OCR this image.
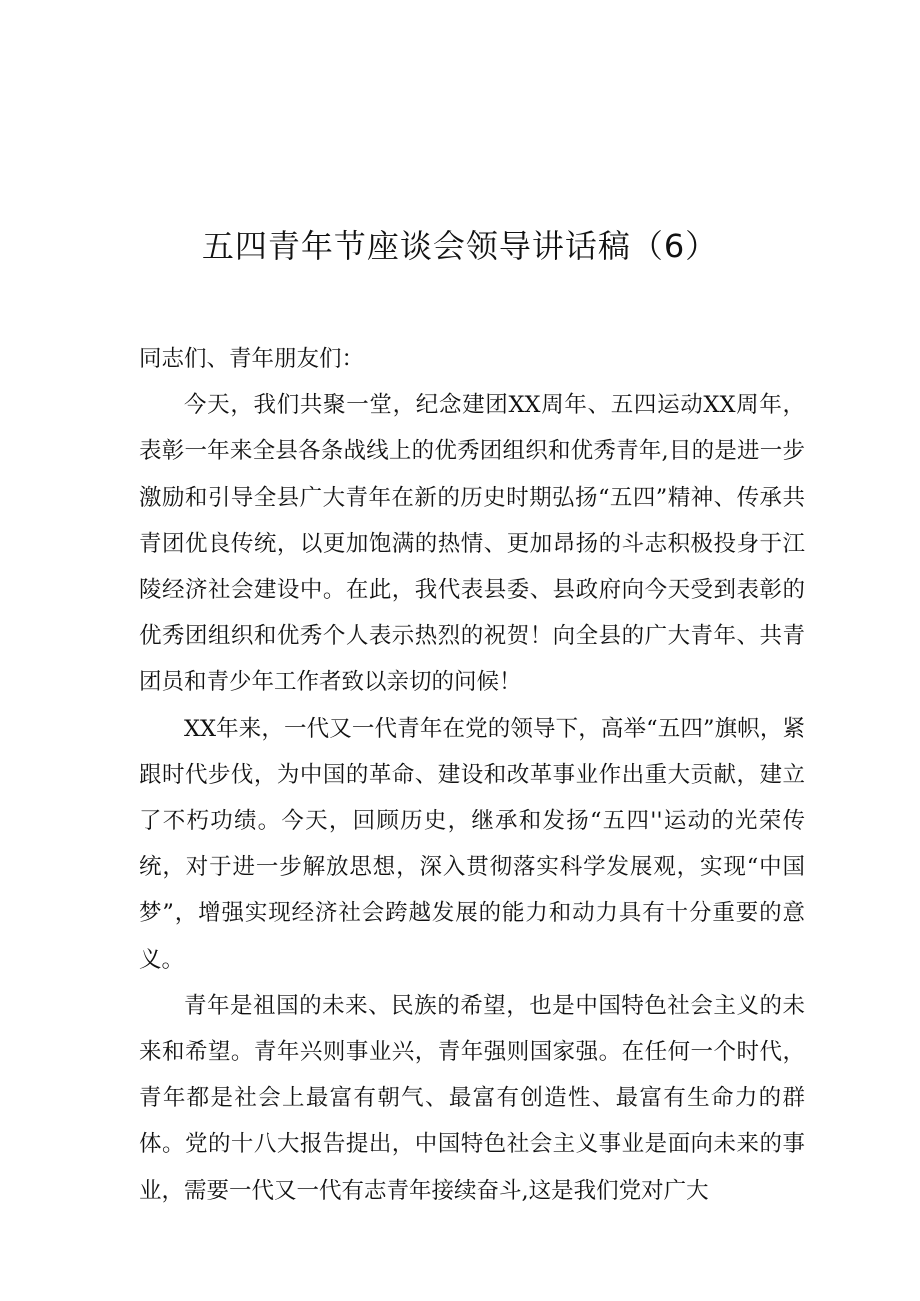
五四青年节座谈会领导讲话稿（6）

同志们、青年朋友们：

今天，我们共聚一堂，纪念建团XX周年、五四运动XX周年，表彰一年来全县各条战线上的优秀团组织和优秀青年,目的是进一步激励和引导全县广大青年在新的历史时期弘扬“五四”精神、传承共青团优良传统，以更加饱满的热情、更加昂扬的斗志积极投身于江陵经济社会建设中。在此，我代表县委、县政府向今天受到表彰的优秀团组织和优秀个人表示热烈的祝贺！向全县的广大青年、共青团员和青少年工作者致以亲切的问候！

XX年来，一代又一代青年在党的领导下，高举“五四”旗帜，紧跟时代步伐，为中国的革命、建设和改革事业作出重大贡献，建立了不朽功绩。今天，回顾历史，继承和发扬“五四''运动的光荣传统，对于进一步解放思想，深入贯彻落实科学发展观，实现“中国梦”，增强实现经济社会跨越发展的能力和动力具有十分重要的意义。

青年是祖国的未来、民族的希望，也是中国特色社会主义的未来和希望。青年兴则事业兴，青年强则国家强。在任何一个时代，青年都是社会上最富有朝气、最富有创造性、最富有生命力的群体。党的十八大报告提出，中国特色社会主义事业是面向未来的事业，需要一代又一代有志青年接续奋斗,这是我们党对广大
